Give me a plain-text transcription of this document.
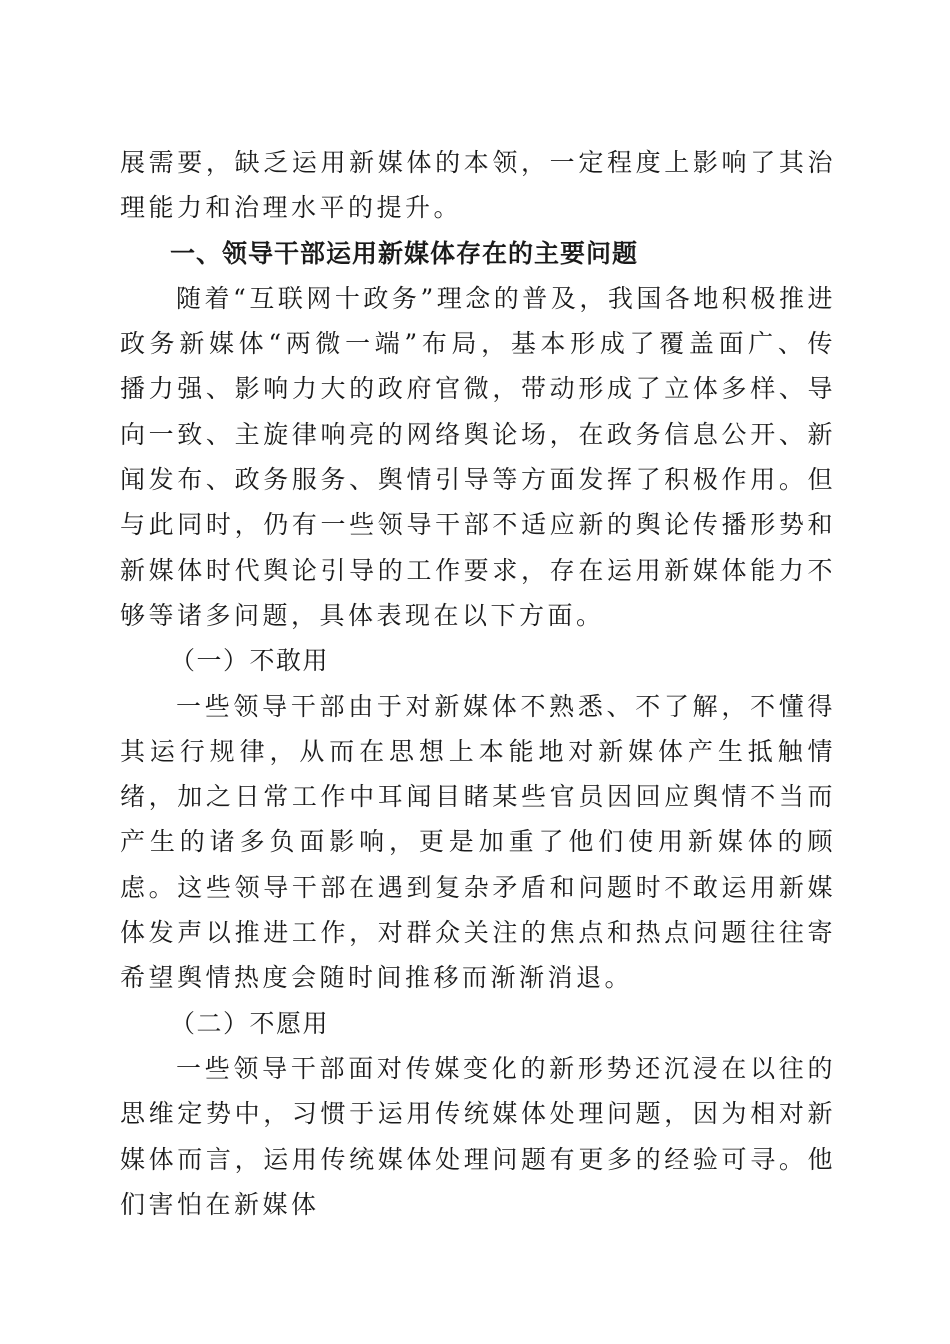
展需要，缺乏运用新媒体的本领，一定程度上影响了其治理能力和治理水平的提升。

一、领导干部运用新媒体存在的主要问题

随着“互联网十政务”理念的普及，我国各地积极推进政务新媒体“两微一端”布局，基本形成了覆盖面广、传播力强、影响力大的政府官微，带动形成了立体多样、导向一致、主旋律响亮的网络舆论场，在政务信息公开、新闻发布、政务服务、舆情引导等方面发挥了积极作用。但与此同时，仍有一些领导干部不适应新的舆论传播形势和新媒体时代舆论引导的工作要求，存在运用新媒体能力不够等诸多问题，具体表现在以下方面。

（一）不敢用

一些领导干部由于对新媒体不熟悉、不了解，不懂得其运行规律，从而在思想上本能地对新媒体产生抵触情绪，加之日常工作中耳闻目睹某些官员因回应舆情不当而产生的诸多负面影响，更是加重了他们使用新媒体的顾虑。这些领导干部在遇到复杂矛盾和问题时不敢运用新媒体发声以推进工作，对群众关注的焦点和热点问题往往寄希望舆情热度会随时间推移而渐渐消退。

（二）不愿用

一些领导干部面对传媒变化的新形势还沉浸在以往的思维定势中，习惯于运用传统媒体处理问题，因为相对新媒体而言，运用传统媒体处理问题有更多的经验可寻。他们害怕在新媒体
